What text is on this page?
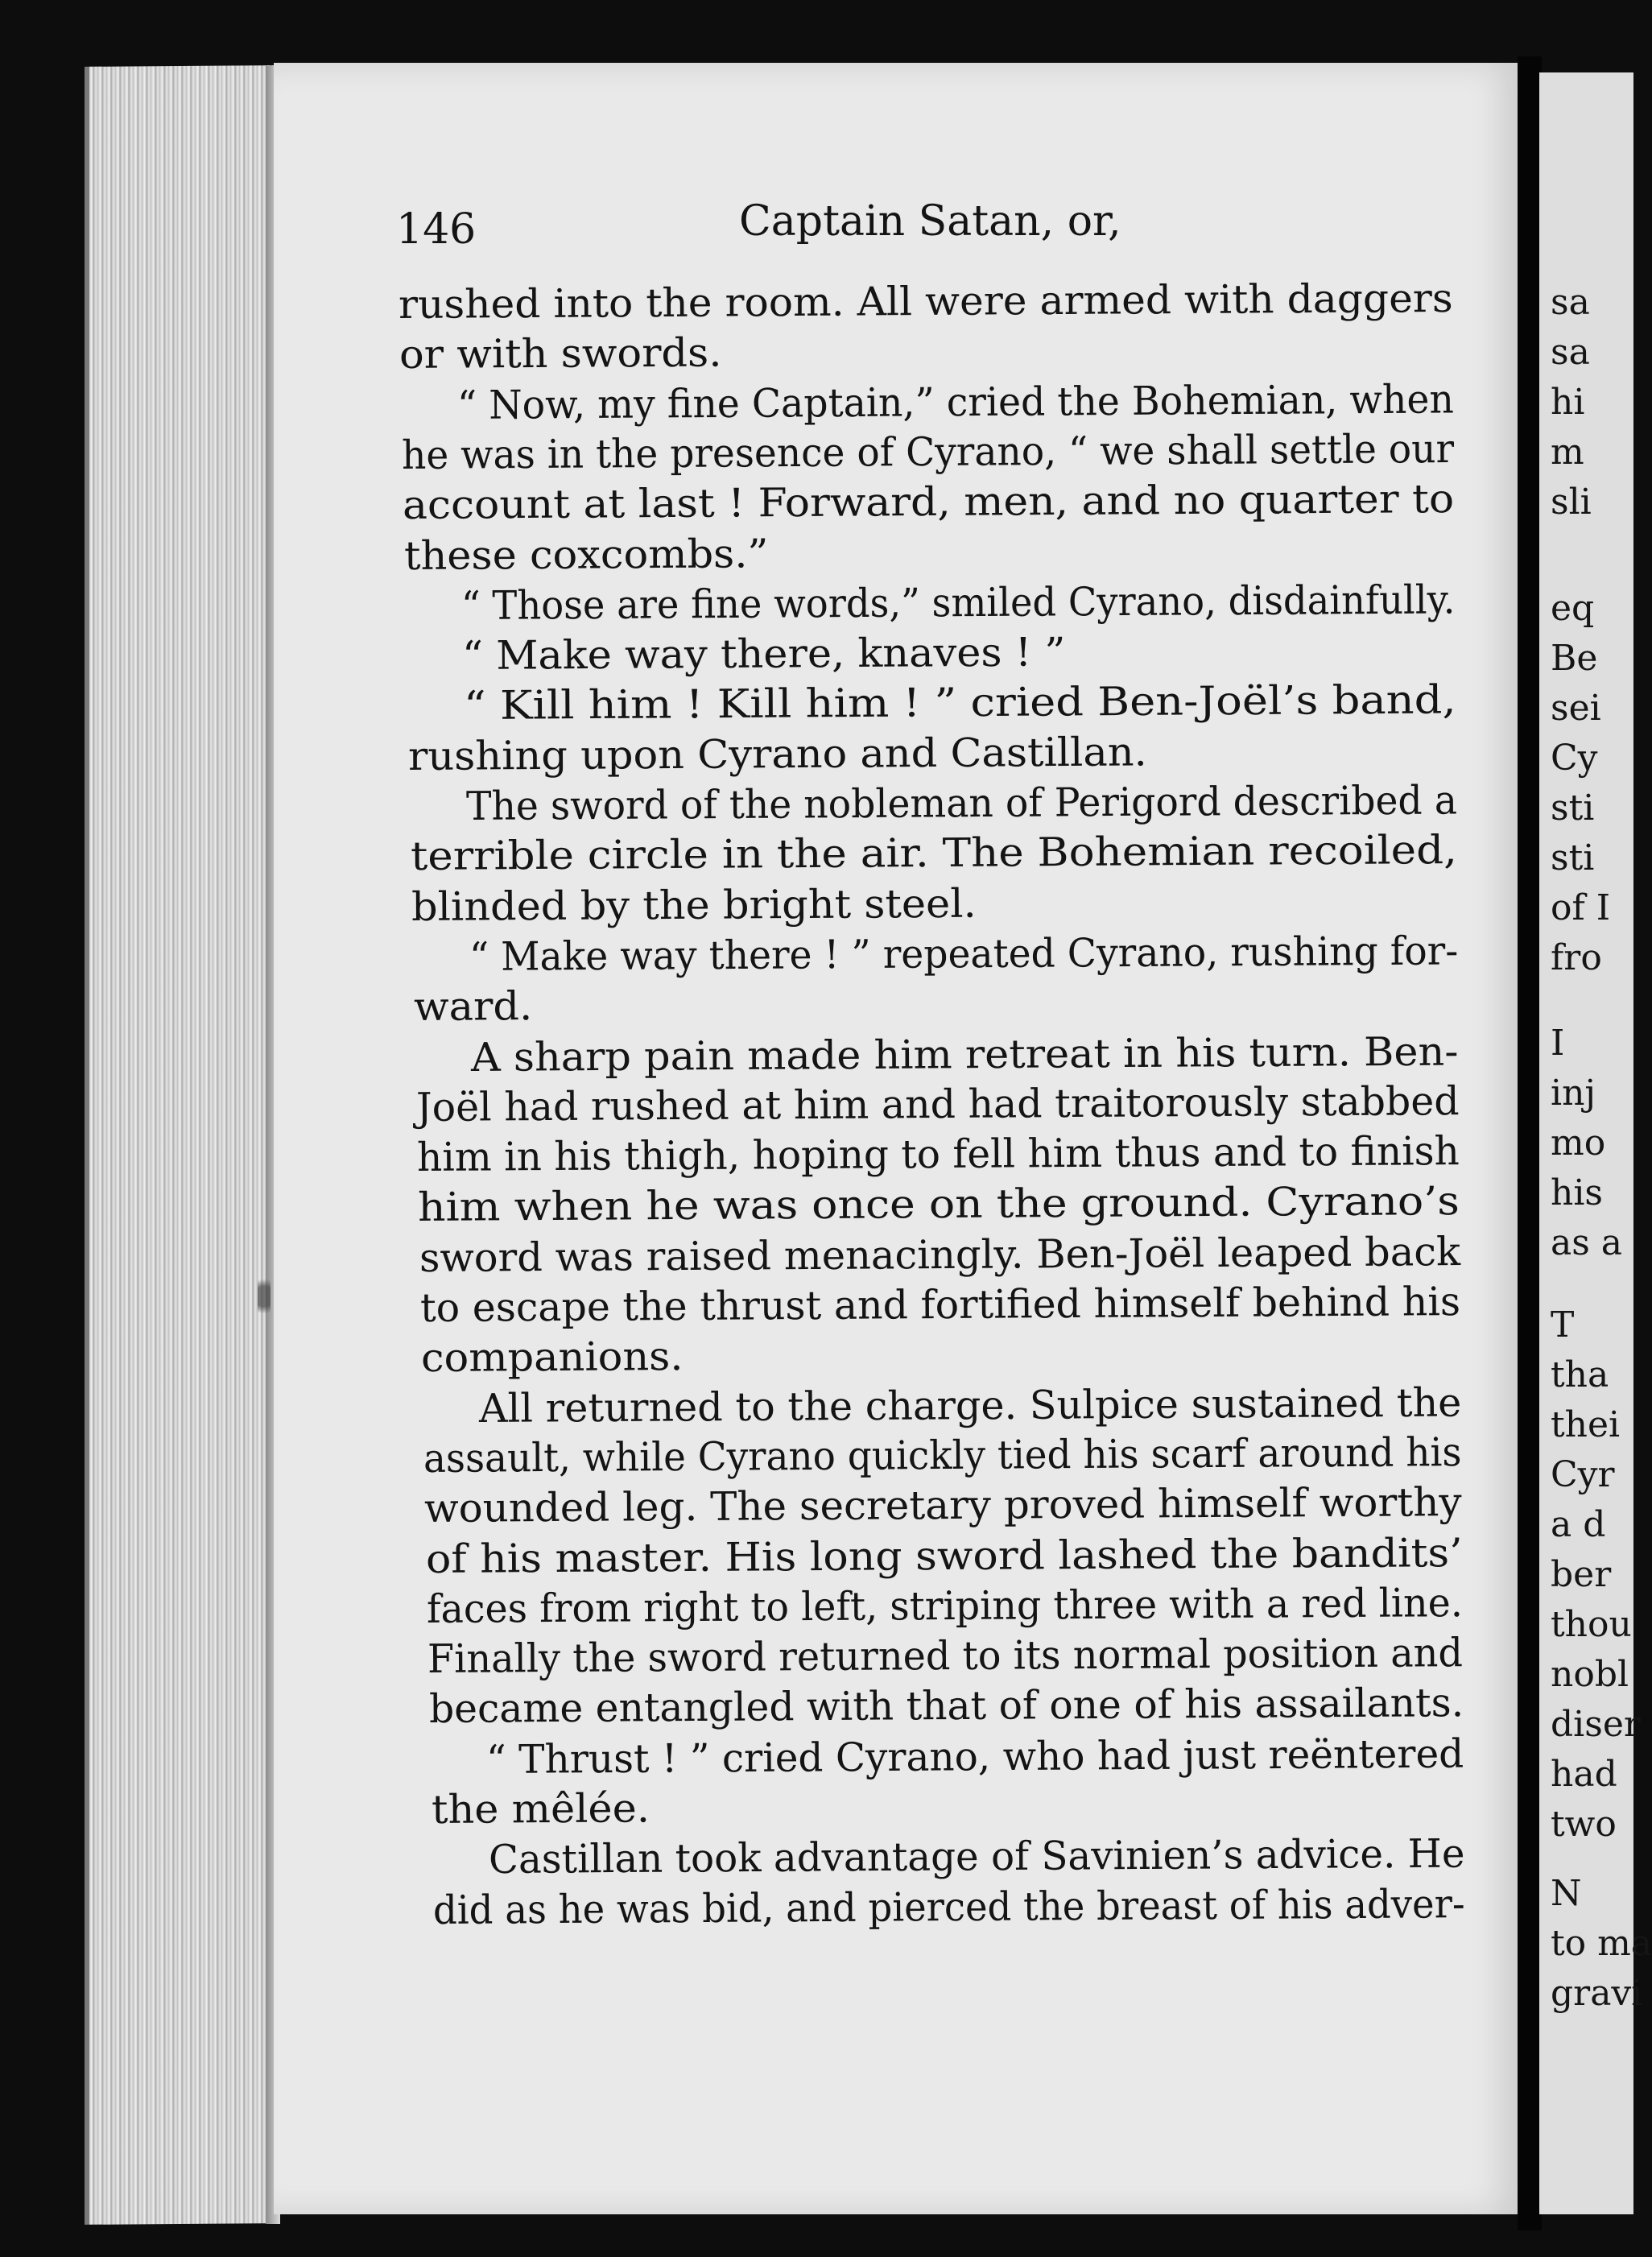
sa
sa
hi
m
sli
eq
Be
sei
Cy
sti
sti
of I
fro
I
inj
mo
his
as a
T
tha
thei
Cyr
a d
ber
thou
nobl
diser
had
two
N
to ma
gravi
146	Captain Satan, or,
rushed into the room. All were armed with daggers
or with swords.
“ Now, my fine Captain,” cried the Bohemian, when
he was in the presence of Cyrano, “ we shall settle our
account at last ! Forward, men, and no quarter to
these coxcombs.”
“ Those are fine words,” smiled Cyrano, disdainfully.
“ Make way there, knaves ! ”
“ Kill him ! Kill him ! ” cried Ben-Joël’s band,
rushing upon Cyrano and Castillan.
The sword of the nobleman of Perigord described a
terrible circle in the air. The Bohemian recoiled,
blinded by the bright steel.
“ Make way there ! ” repeated Cyrano, rushing for-
ward.
A sharp pain made him retreat in his turn. Ben-
Joël had rushed at him and had traitorously stabbed
him in his thigh, hoping to fell him thus and to finish
him when he was once on the ground. Cyrano’s
sword was raised menacingly. Ben-Joël leaped back
to escape the thrust and fortified himself behind his
companions.
All returned to the charge. Sulpice sustained the
assault, while Cyrano quickly tied his scarf around his
wounded leg. The secretary proved himself worthy
of his master. His long sword lashed the bandits’
faces from right to left, striping three with a red line.
Finally the sword returned to its normal position and
became entangled with that of one of his assailants.
“ Thrust ! ” cried Cyrano, who had just reëntered
the mêlée.
Castillan took advantage of Savinien’s advice. He
did as he was bid, and pierced the breast of his adver-
